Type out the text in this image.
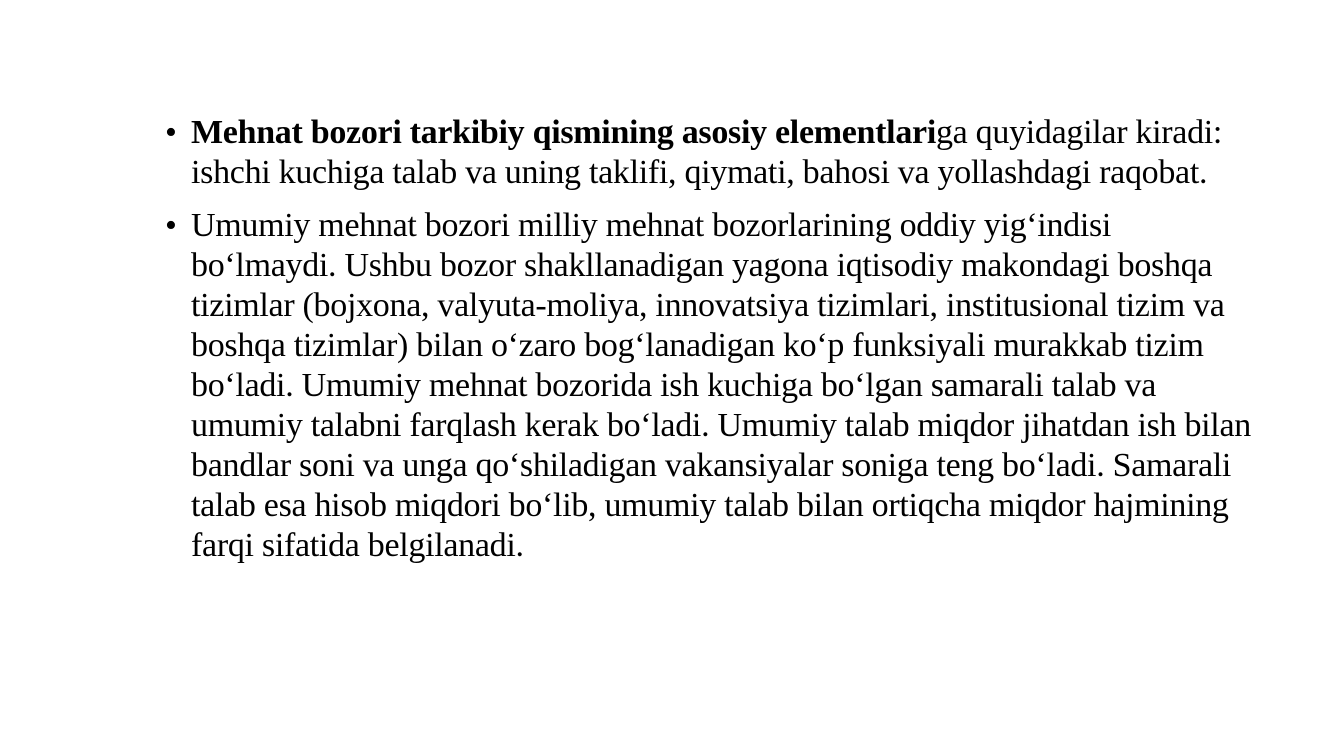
• Mehnat bozori tarkibiy qismining asosiy elementlariga quyidagilar kiradi: ishchi kuchiga talab va uning taklifi, qiymati, bahosi va yollashdagi raqobat.
• Umumiy mehnat bozori milliy mehnat bozorlarining oddiy yig‘indisi bo‘lmaydi. Ushbu bozor shakllanadigan yagona iqtisodiy makondagi boshqa tizimlar (bojxona, valyuta-moliya, innovatsiya tizimlari, institusional tizim va boshqa tizimlar) bilan o‘zaro bog‘lanadigan ko‘p funksiyali murakkab tizim bo‘ladi. Umumiy mehnat bozorida ish kuchiga bo‘lgan samarali talab va umumiy talabni farqlash kerak bo‘ladi. Umumiy talab miqdor jihatdan ish bilan bandlar soni va unga qo‘shiladigan vakansiyalar soniga teng bo‘ladi. Samarali talab esa hisob miqdori bo‘lib, umumiy talab bilan ortiqcha miqdor hajmining farqi sifatida belgilanadi.
